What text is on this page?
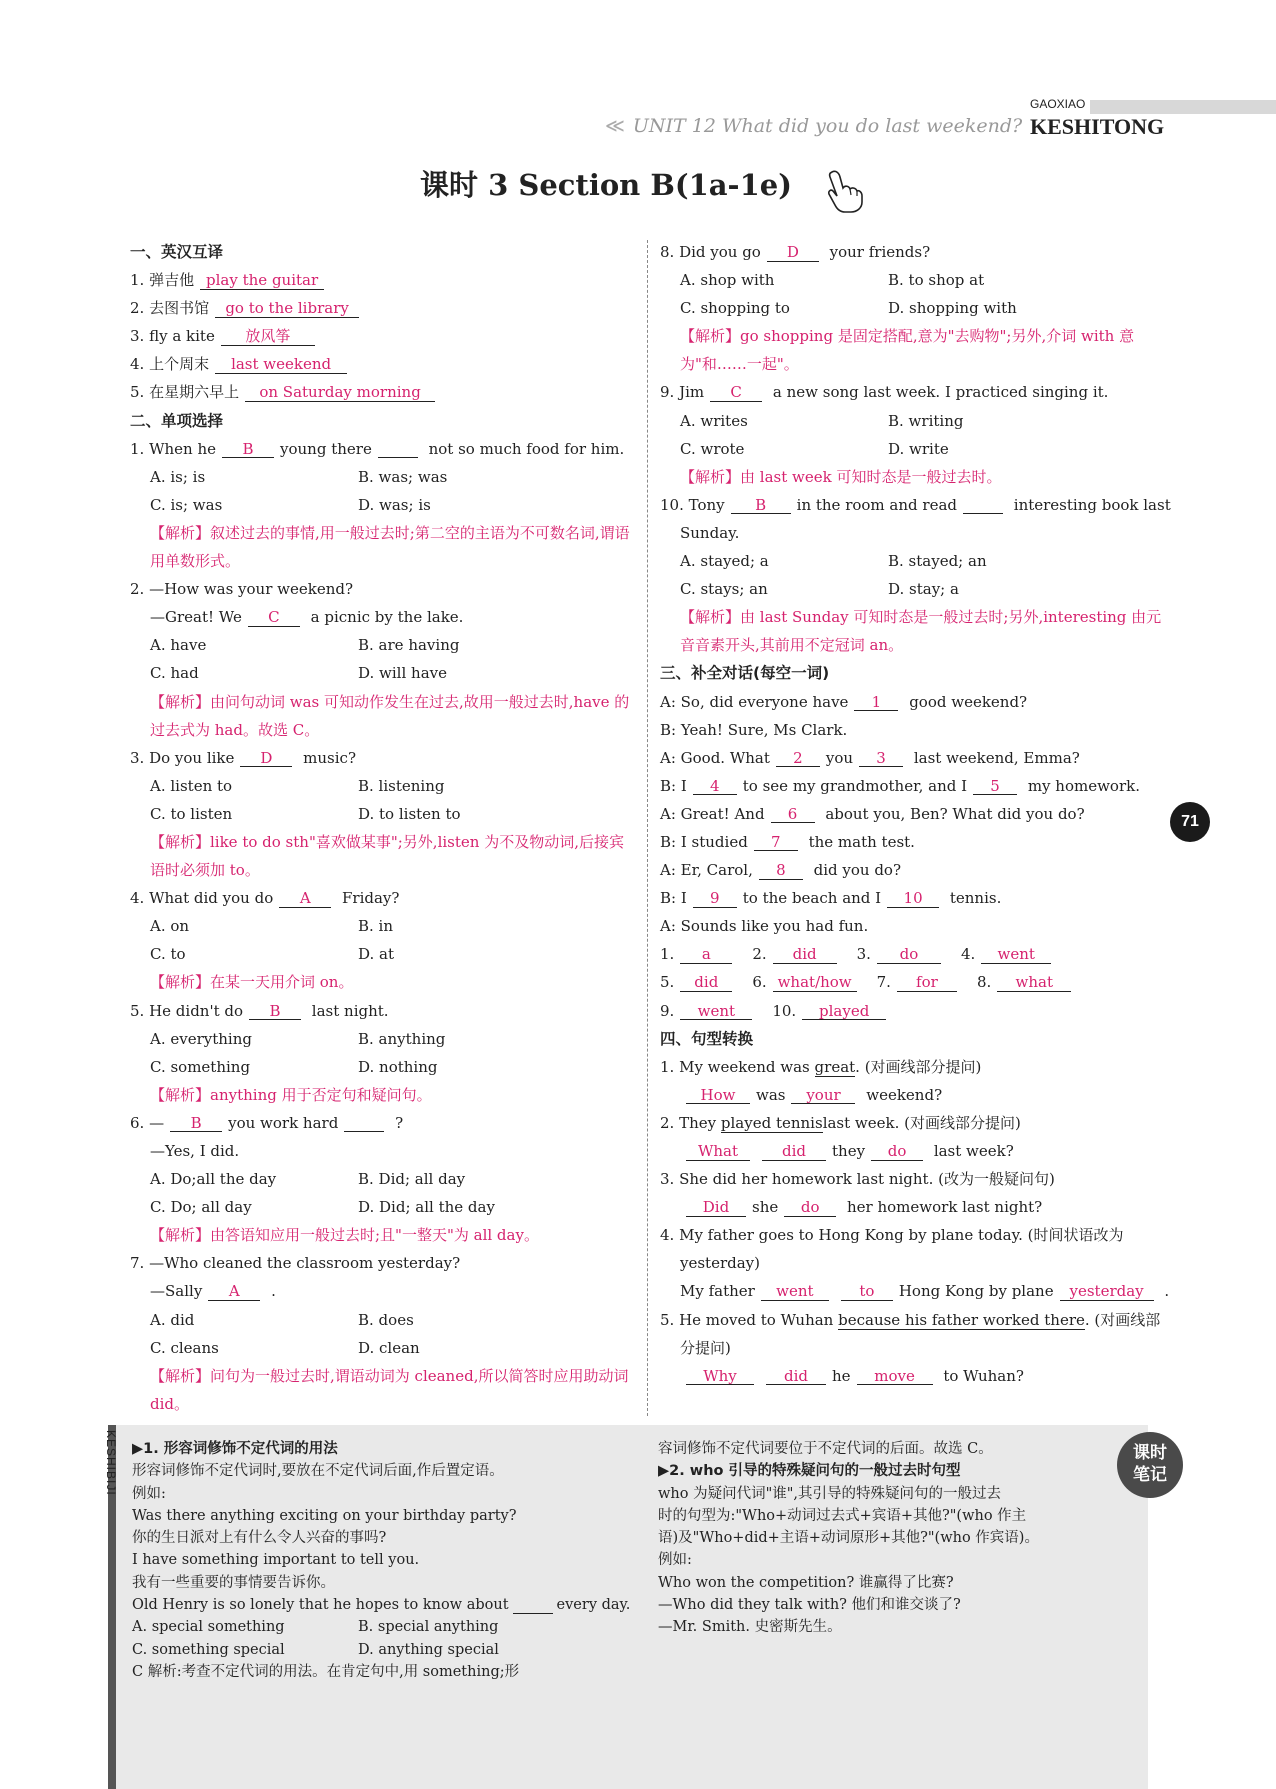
GAOXIAO
≪ UNIT 12 What did you do last weekend? KESHITONG
课时 3 Section B(1a-1e)
一、英汉互译
1. 弹吉他 play the guitar
2. 去图书馆 go to the library
3. fly a kite 放风筝
4. 上个周末 last weekend
5. 在星期六早上 on Saturday morning
二、单项选择
1. When he B young there	not so much food for him.
A. is; is	B. was; was
C. is; was	D. was; is
【解析】叙述过去的事情,用一般过去时;第二空的主语为不可数名词,谓语用单数形式。
2. —How was your weekend?
—Great! We C a picnic by the lake.
A. have	B. are having
C. had	D. will have
【解析】由问句动词 was 可知动作发生在过去,故用一般过去时,have 的过去式为 had。故选 C。
3. Do you like D music?
A. listen to	B. listening
C. to listen	D. to listen to
【解析】like to do sth"喜欢做某事";另外,listen 为不及物动词,后接宾语时必须加 to。
4. What did you do A Friday?
A. on	B. in
C. to	D. at
【解析】在某一天用介词 on。
5. He didn't do B last night.
A. everything	B. anything
C. something	D. nothing
【解析】anything 用于否定句和疑问句。
6. — B you work hard	?
—Yes, I did.
A. Do;all the day	B. Did; all day
C. Do; all day	D. Did; all the day
【解析】由答语知应用一般过去时;且"一整天"为 all day。
7. —Who cleaned the classroom yesterday?
—Sally A .
A. did	B. does
C. cleans	D. clean
【解析】问句为一般过去时,谓语动词为 cleaned,所以简答时应用助动词 did。
8. Did you go D your friends?
A. shop with	B. to shop at
C. shopping to	D. shopping with
【解析】go shopping 是固定搭配,意为"去购物";另外,介词 with 意为"和……一起"。
9. Jim C a new song last week. I practiced singing it.
A. writes	B. writing
C. wrote	D. write
【解析】由 last week 可知时态是一般过去时。
10. Tony B in the room and read	interesting book last
Sunday.
A. stayed; a	B. stayed; an
C. stays; an	D. stay; a
【解析】由 last Sunday 可知时态是一般过去时;另外,interesting 由元音音素开头,其前用不定冠词 an。
三、补全对话(每空一词)
A: So, did everyone have 1 good weekend?
B: Yeah! Sure, Ms Clark.
A: Good. What 2 you 3 last weekend, Emma?
B: I 4 to see my grandmother, and I 5 my homework.
A: Great! And 6 about you, Ben? What did you do?
B: I studied 7 the math test.
A: Er, Carol, 8 did you do?
B: I 9 to the beach and I 10 tennis.
A: Sounds like you had fun.
1. a	2. did	3. do	4. went
5. did 6. what/how 7. for	8. what
9. went 10. played
四、句型转换
1. My weekend was great. (对画线部分提问)
How was your weekend?
2. They played tennislast week. (对画线部分提问)
What	did they do last week?
3. She did her homework last night. (改为一般疑问句)
Did she do her homework last night?
4. My father goes to Hong Kong by plane today. (时间状语改为
yesterday)
My father went	to Hong Kong by plane yesterday .
5. He moved to Wuhan because his father worked there. (对画线部
分提问)
Why	did he move to Wuhan?
71
KESHIBIJI ▶1. 形容词修饰不定代词的用法
形容词修饰不定代词时,要放在不定代词后面,作后置定语。
例如:
Was there anything exciting on your birthday party?
你的生日派对上有什么令人兴奋的事吗?
I have something important to tell you.
我有一些重要的事情要告诉你。
Old Henry is so lonely that he hopes to know about	every day.
A. special something	B. special anything
C. something special	D. anything special
C 解析:考查不定代词的用法。在肯定句中,用 something;形
容词修饰不定代词要位于不定代词的后面。故选 C。
▶2. who 引导的特殊疑问句的一般过去时句型
who 为疑问代词"谁",其引导的特殊疑问句的一般过去
时的句型为:"Who+动词过去式+宾语+其他?"(who 作主
语)及"Who+did+主语+动词原形+其他?"(who 作宾语)。
例如:
Who won the competition? 谁赢得了比赛?
—Who did they talk with? 他们和谁交谈了?
—Mr. Smith. 史密斯先生。
课时
笔记
